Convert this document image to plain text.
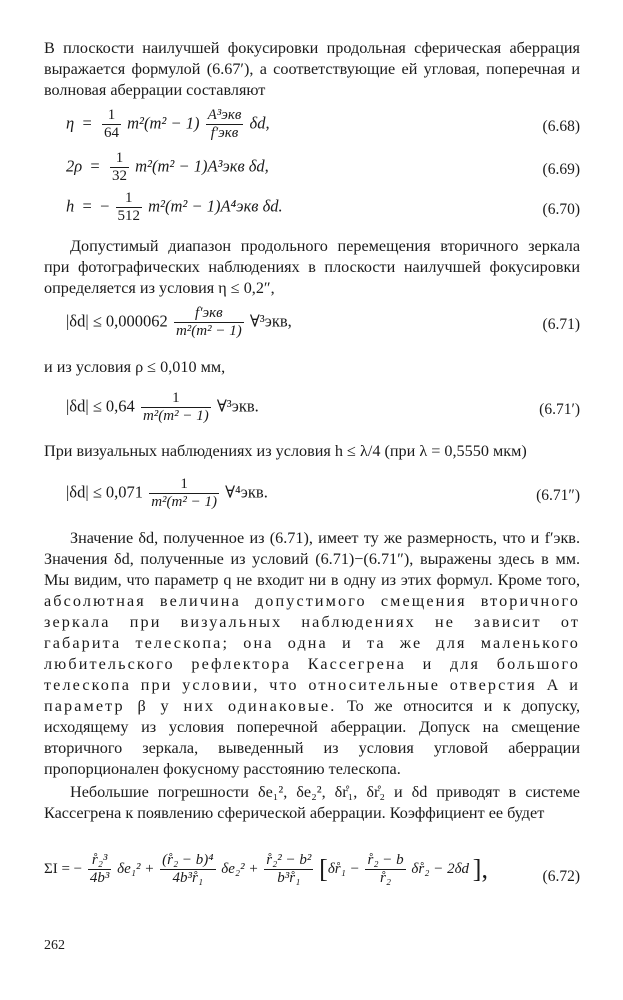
В плоскости наилучшей фокусировки продольная сферическая аберрация выражается формулой (6.67′), а соответствующие ей угловая, поперечная и волновая аберрации составляют
$\eta = \frac{1}{64} m^2(m^2 - 1) \frac{\text{A³экв}}{\text{f′экв}} \delta d$,	(6.68)
$2\rho = \frac{1}{32} m^2(m^2 - 1)A^3экв$ δd,	(6.69)
h  =  − $\frac{1}{512} m^2(m^2 - 1)A^4экв$ δd.	(6.70)
Допустимый диапазон продольного перемещения вторичного зеркала при фотографических наблюдениях в плоскости наилучшей фокусировки определяется из условия η ≤ 0,2″,
$|\delta d| \le 0,000062 \frac{\text{f′экв}}{\text{m²(m² − 1)}}$ ∀³экв,	(6.71)
и из условия ρ ≤ 0,010 мм,
$|\delta d| \le 0,64 \frac{1}{\text{m²(m² − 1)}}$ ∀³экв.	(6.71′)
При визуальных наблюдениях из условия h ≤ λ/4 (при λ = 0,5550 мкм)
$|\delta d| \le 0,071 \frac{1}{\text{m²(m² − 1)}}$ ∀⁴экв.	(6.71″)
Значение δd, полученное из (6.71), имеет ту же размерность, что и f′экв. Значения δd, полученные из условий (6.71)−(6.71″), выражены здесь в мм. Мы видим, что параметр q не входит ни в одну из этих формул. Кроме того, абсолютная величина допустимого смещения вторичного зеркала при визуальных наблюдениях не зависит от габарита телескопа; она одна и та же для маленького любительского рефлектора Кассегрена и для большого телескопа при условии, что относительные отверстия A и параметр β у них одинаковые. То же относится и к допуску, исходящему из условия поперечной аберрации. Допуск на смещение вторичного зеркала, выведенный из условия угловой аберрации пропорционален фокусному расстоянию телескопа.
Небольшие погрешности δe₁², δe₂², δr̊₁, δr̊₂ и δd приводят в системе Кассегрена к появлению сферической аберрации. Коэффициент ее будет
ΣI = − $\frac{\text{r̊₂³}}{\text{4b³}} \delta e_1^2 + \frac{\text{(r̊₂ − b)⁴}}{\text{4b³r̊₁}} \delta e_2^2 + \frac{\text{r̊₂² − b²}}{\text{b³r̊₁}}$ [δr̊₁ − $\frac{\text{r̊₂ − b}}{\text{r̊₂}}$ δr̊₂ − 2δd ],	(6.72)
262
